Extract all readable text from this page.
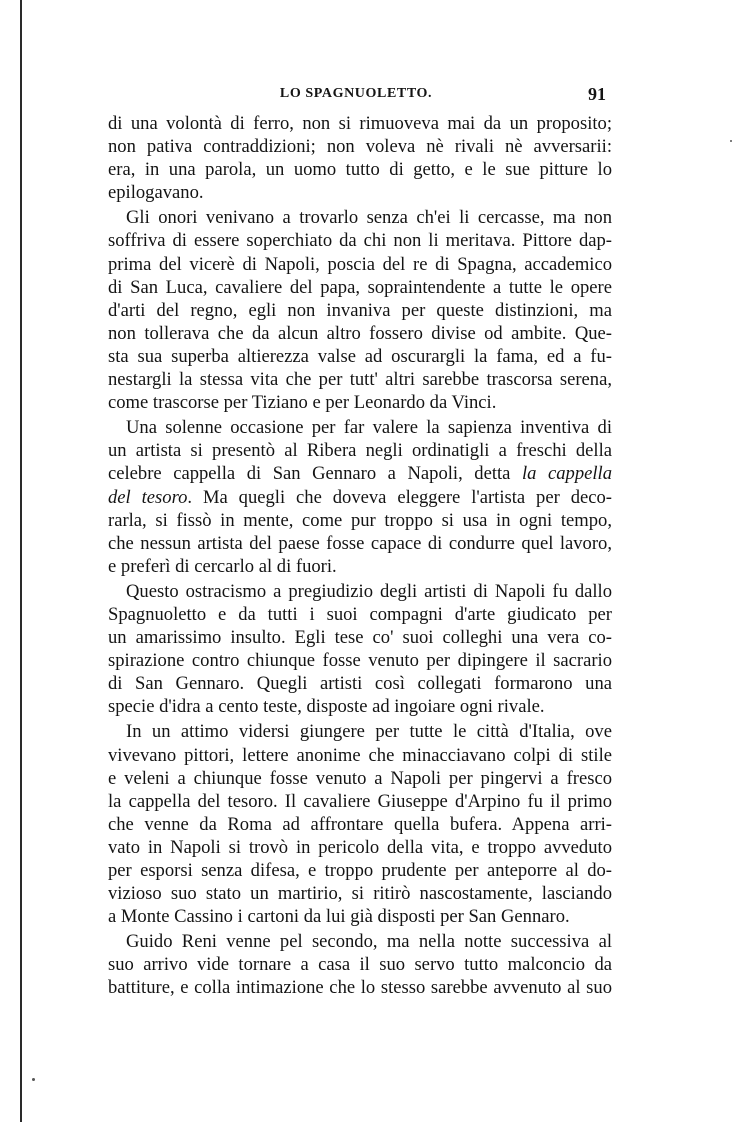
LO SPAGNUOLETTO.	91
di una volontà di ferro, non si rimuoveva mai da un proposito;
non pativa contraddizioni; non voleva nè rivali nè avversarii:
era, in una parola, un uomo tutto di getto, e le sue pitture lo
epilogavano.
Gli onori venivano a trovarlo senza ch'ei li cercasse, ma non
soffriva di essere soperchiato da chi non li meritava. Pittore dap-
prima del vicerè di Napoli, poscia del re di Spagna, accademico
di San Luca, cavaliere del papa, sopraintendente a tutte le opere
d'arti del regno, egli non invaniva per queste distinzioni, ma
non tollerava che da alcun altro fossero divise od ambite. Que-
sta sua superba altierezza valse ad oscurargli la fama, ed a fu-
nestargli la stessa vita che per tutt' altri sarebbe trascorsa serena,
come trascorse per Tiziano e per Leonardo da Vinci.
Una solenne occasione per far valere la sapienza inventiva di
un artista si presentò al Ribera negli ordinatigli a freschi della
celebre cappella di San Gennaro a Napoli, detta la cappella
del tesoro. Ma quegli che doveva eleggere l'artista per deco-
rarla, si fissò in mente, come pur troppo si usa in ogni tempo,
che nessun artista del paese fosse capace di condurre quel lavoro,
e preferì di cercarlo al di fuori.
Questo ostracismo a pregiudizio degli artisti di Napoli fu dallo
Spagnuoletto e da tutti i suoi compagni d'arte giudicato per
un amarissimo insulto. Egli tese co' suoi colleghi una vera co-
spirazione contro chiunque fosse venuto per dipingere il sacrario
di San Gennaro. Quegli artisti così collegati formarono una
specie d'idra a cento teste, disposte ad ingoiare ogni rivale.
In un attimo vidersi giungere per tutte le città d'Italia, ove
vivevano pittori, lettere anonime che minacciavano colpi di stile
e veleni a chiunque fosse venuto a Napoli per pingervi a fresco
la cappella del tesoro. Il cavaliere Giuseppe d'Arpino fu il primo
che venne da Roma ad affrontare quella bufera. Appena arri-
vato in Napoli si trovò in pericolo della vita, e troppo avveduto
per esporsi senza difesa, e troppo prudente per anteporre al do-
vizioso suo stato un martirio, si ritirò nascostamente, lasciando
a Monte Cassino i cartoni da lui già disposti per San Gennaro.
Guido Reni venne pel secondo, ma nella notte successiva al
suo arrivo vide tornare a casa il suo servo tutto malconcio da
battiture, e colla intimazione che lo stesso sarebbe avvenuto al suo
